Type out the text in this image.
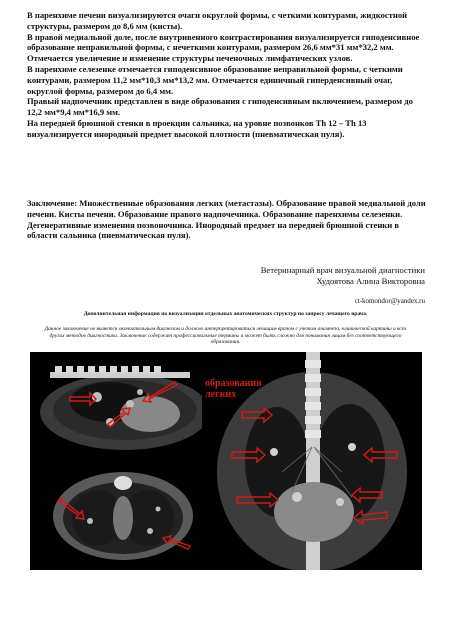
В паренхиме печени визуализируются очаги округлой формы, с четкими контурами, жидкостной структуры, размером до 8,6 мм (кисты).

В правой медиальной доле, после внутривенного контрастирования визуализируется гиподенсивное образование неправильной формы, с нечеткими контурами, размером 26,6 мм*31 мм*32,2 мм.

Отмечается увеличение и изменение структуры печеночных лимфатических узлов.

В паренхиме селезенке отмечается гиподенсивное образование неправильной формы, с четкими контурами, размером 11,2 мм*10,3 мм*13,2 мм. Отмечается единичный гиперденсивный очаг, округлой формы, размером до 6,4 мм.

Правый надпочечник представлен в виде образования с гиподенсивным включением, размером до 12,2 мм*9,4 мм*16,9 мм.

На передней брюшной стенки в проекции сальника, на уровне позвонков Th 12 – Th 13 визуализируется инородный предмет высокой плотности (пневматическая пуля).

Заключение: Множественные образования легких (метастазы). Образование правой медиальной доли печени. Кисты печени. Образование правого надпочечника. Образование паренхимы селезенки. Дегенеративные изменения позвоночника. Инородный предмет на передней брюшной стенки в области сальника (пневматическая пуля).
Ветеринарный врач визуальной диагностики
Худоятова Алина Викторовна
ct-komondor@yandex.ru
Дополнительная информация по визуализации отдельных анатомических структур по запросу лечащего врача.
Данное заключение не является окончательным диагнозом и должно интерпретироваться лечащим врачом с учетом анамнеза, клинической картины и всех других методов диагностики. Заключение содержит профессиональные термины и может быть сложно для понимания лицам без соответствующего образования.
образования
легких
